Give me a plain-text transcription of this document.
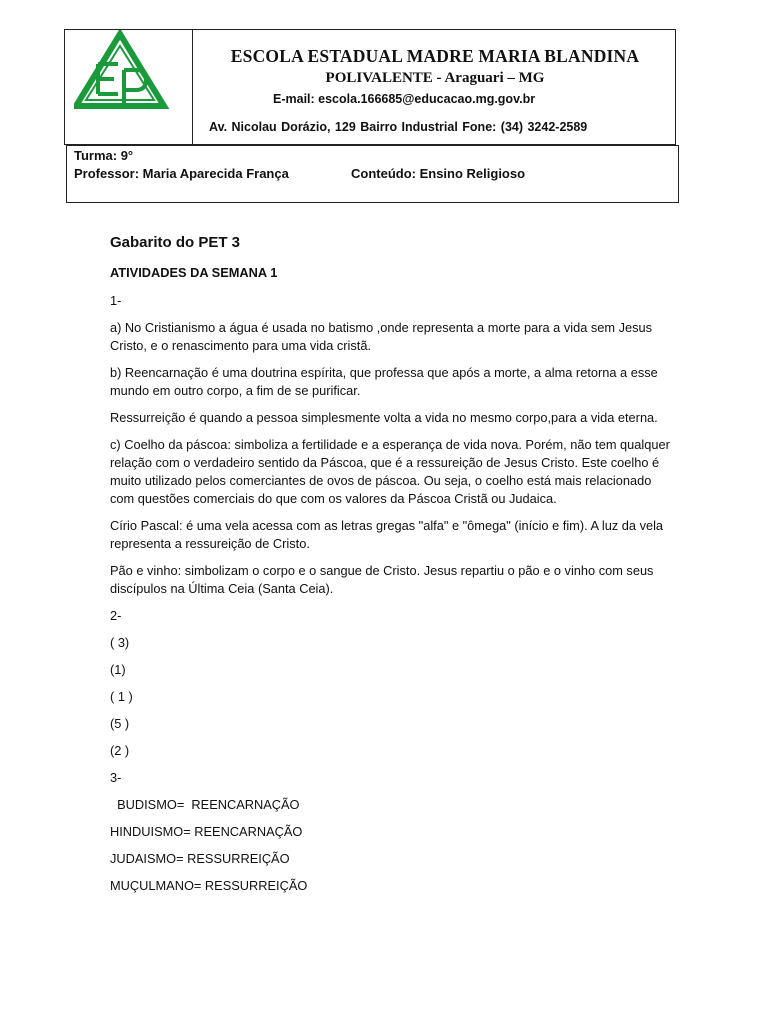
ESCOLA ESTADUAL MADRE MARIA BLANDINA
POLIVALENTE - Araguari – MG
E-mail: escola.166685@educacao.mg.gov.br
Av. Nicolau Dorázio, 129 Bairro Industrial Fone: (34) 3242-2589
Turma: 9°
Professor: Maria Aparecida França	Conteúdo: Ensino Religioso

Gabarito do PET 3

ATIVIDADES DA SEMANA 1

1-

a) No Cristianismo a água é usada no batismo ,onde representa a morte para a vida sem Jesus Cristo, e o renascimento para uma vida cristã.

b) Reencarnação é uma doutrina espírita, que professa que após a morte, a alma retorna a esse mundo em outro corpo, a fim de se purificar.

Ressurreição é quando a pessoa simplesmente volta a vida no mesmo corpo,para a vida eterna.

c) Coelho da páscoa: simboliza a fertilidade e a esperança de vida nova. Porém, não tem qualquer relação com o verdadeiro sentido da Páscoa, que é a ressureição de Jesus Cristo. Este coelho é muito utilizado pelos comerciantes de ovos de páscoa. Ou seja, o coelho está mais relacionado com questões comerciais do que com os valores da Páscoa Cristã ou Judaica.

Círio Pascal: é uma vela acessa com as letras gregas "alfa" e "ômega" (início e fim). A luz da vela representa a ressureição de Cristo.

Pão e vinho: simbolizam o corpo e o sangue de Cristo. Jesus repartiu o pão e o vinho com seus discípulos na Última Ceia (Santa Ceia).

2-

( 3)

(1)

( 1 )

(5 )

(2 )

3-

BUDISMO=  REENCARNAÇÃO

HINDUISMO= REENCARNAÇÃO

JUDAISMO= RESSURREIÇÃO

MUÇULMANO= RESSURREIÇÃO
